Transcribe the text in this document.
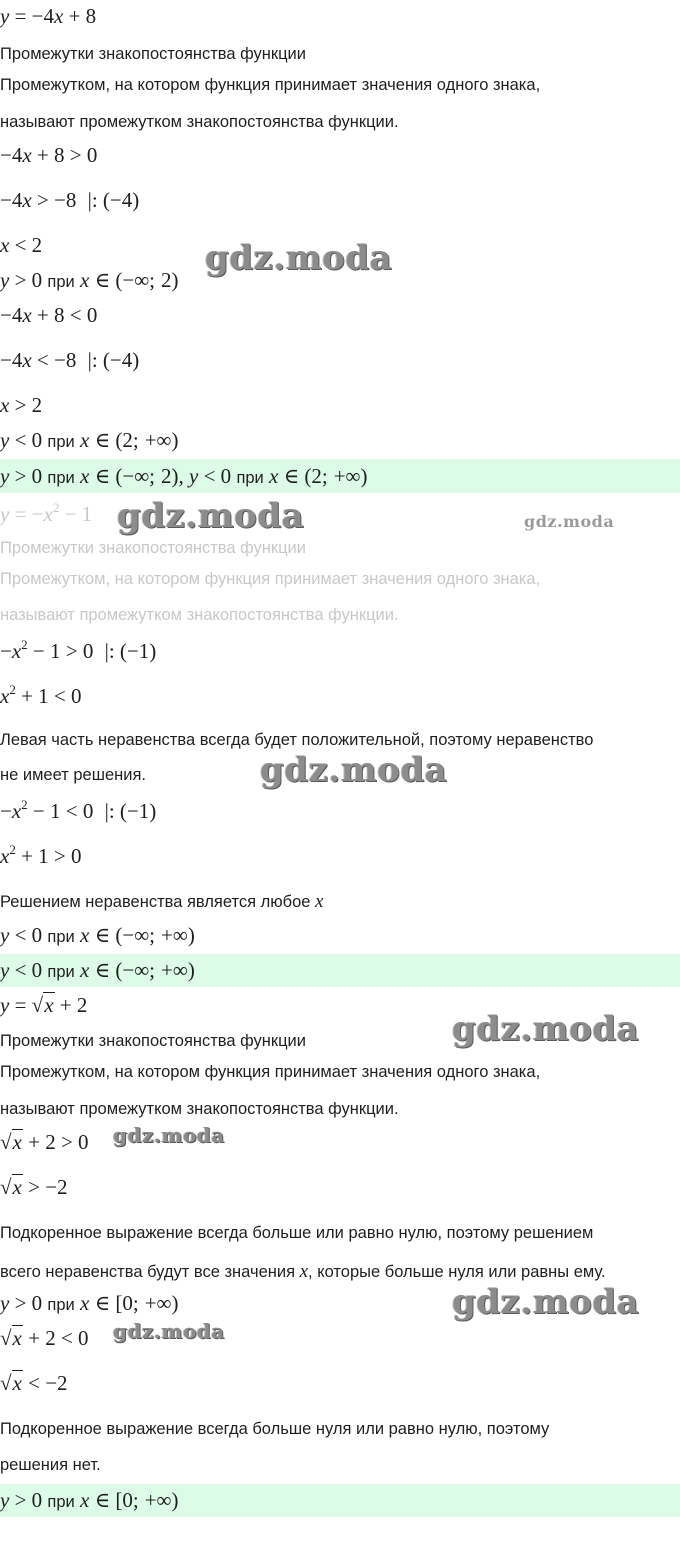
y = −4x + 8
Промежутки знакопостоянства функции
Промежутком, на котором функция принимает значения одного знака,
называют промежутком знакопостоянства функции.
−4x + 8 > 0
−4x > −8 |: (−4)
x < 2
y > 0 при x ∈ (−∞; 2)
−4x + 8 < 0
−4x < −8 |: (−4)
x > 2
y < 0 при x ∈ (2; +∞)
y > 0 при x ∈ (−∞; 2), y < 0 при x ∈ (2; +∞)
$y = -x^2 - 1$
Промежутки знакопостоянства функции
Промежутком, на котором функция принимает значения одного знака,
называют промежутком знакопостоянства функции.
$-x^2 - 1 > 0$ |: (−1)
$x^2 + 1 < 0$
Левая часть неравенства всегда будет положительной, поэтому неравенство
не имеет решения.
$-x^2 - 1 < 0$ |: (−1)
$x^2 + 1 > 0$
Решением неравенства является любое x
y < 0 при x ∈ (−∞; +∞)
y < 0 при x ∈ (−∞; +∞)
y = √x + 2
Промежутки знакопостоянства функции
Промежутком, на котором функция принимает значения одного знака,
называют промежутком знакопостоянства функции.
√x + 2 > 0
√x > −2
Подкоренное выражение всегда больше или равно нулю, поэтому решением
всего неравенства будут все значения x, которые больше нуля или равны ему.
y > 0 при x ∈ [0; +∞)
√x + 2 < 0
√x < −2
Подкоренное выражение всегда больше нуля или равно нулю, поэтому
решения нет.
y > 0 при x ∈ [0; +∞)
gdz.moda
gdz.moda	gdz.moda
gdz.moda
gdz.moda
gdz.moda
gdz.moda
gdz.moda
